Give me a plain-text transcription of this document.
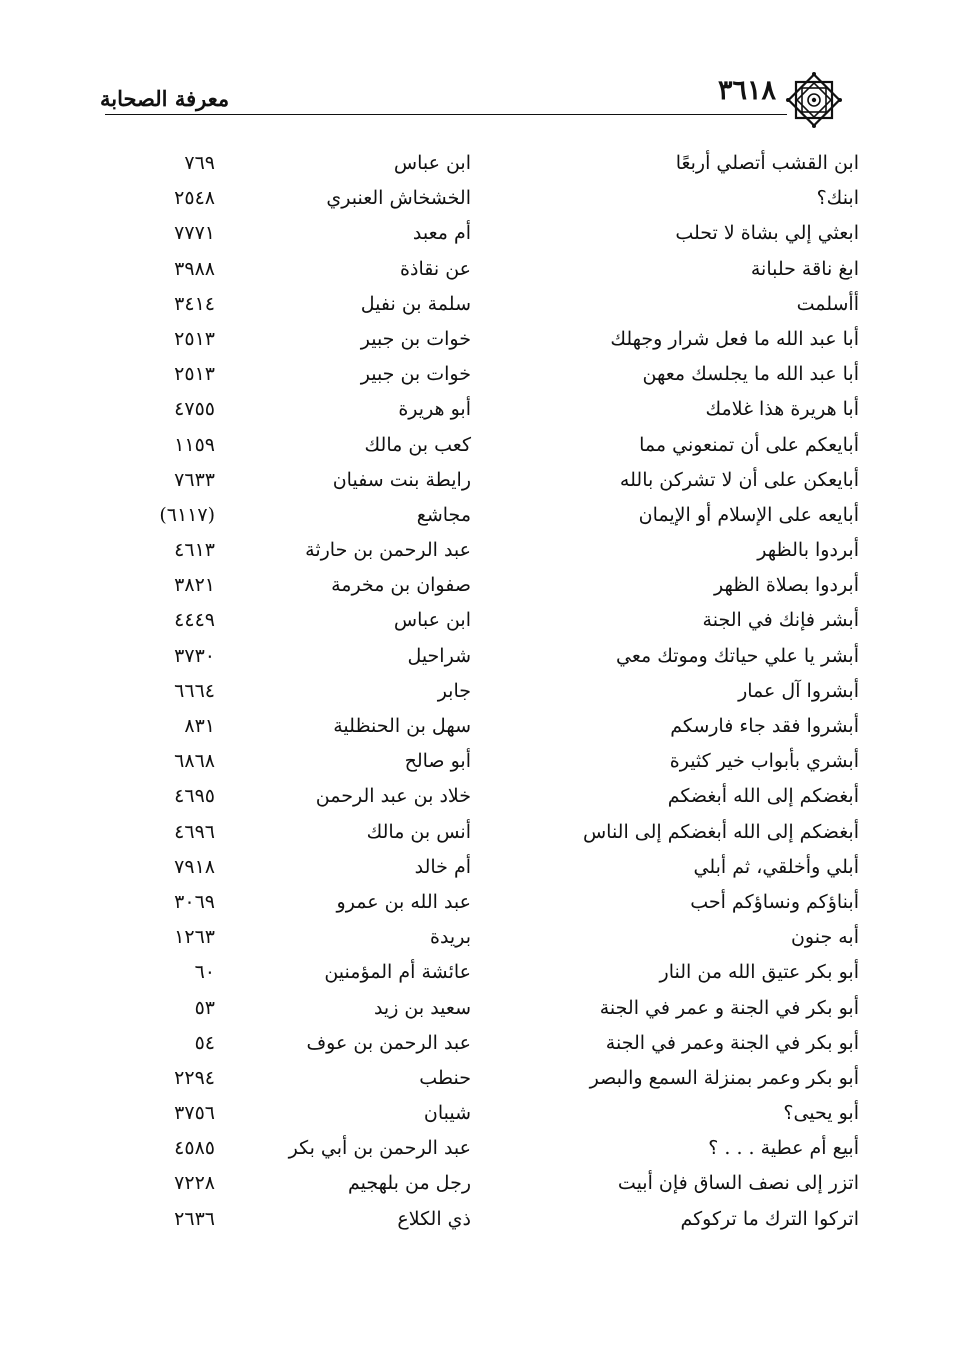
٣٦١٨
معرفة الصحابة
ابن القشب أتصلي أربعًا
ابن عباس
٧٦٩
ابنك؟
الخشخاش العنبري
٢٥٤٨
ابعثي إلي بشاة لا تحلب
أم معبد
٧٧٧١
ابغ ناقة حلبانة
عن نقاذة
٣٩٨٨
أأسلمت
سلمة بن نفيل
٣٤١٤
أبا عبد الله ما فعل شرار وجهلك
خوات بن جبير
٢٥١٣
أبا عبد الله ما يجلسك معهن
خوات بن جبير
٢٥١٣
أبا هريرة هذا غلامك
أبو هريرة
٤٧٥٥
أبايعكم على أن تمنعوني مما
كعب بن مالك
١١٥٩
أبايعكن على أن لا تشركن بالله
رايطة بنت سفيان
٧٦٣٣
أبايعه على الإسلام أو الإيمان
مجاشع
(٦١١٧)
أبردوا بالظهر
عبد الرحمن بن حارثة
٤٦١٣
أبردوا بصلاة الظهر
صفوان بن مخرمة
٣٨٢١
أبشر فإنك في الجنة
ابن عباس
٤٤٤٩
أبشر يا علي حياتك وموتك معي
شراحيل
٣٧٣٠
أبشروا آل عمار
جابر
٦٦٦٤
أبشروا فقد جاء فارسكم
سهل بن الحنظلية
٨٣١
أبشري بأبواب خير كثيرة
أبو صالح
٦٨٦٨
أبغضكم إلى الله أبغضكم
خلاد بن عبد الرحمن
٤٦٩٥
أبغضكم إلى الله أبغضكم إلى الناس
أنس بن مالك
٤٦٩٦
أبلي وأخلقي، ثم أبلي
أم خالد
٧٩١٨
أبناؤكم ونساؤكم أحب
عبد الله بن عمرو
٣٠٦٩
أبه جنون
بريدة
١٢٦٣
أبو بكر عتيق الله من النار
عائشة أم المؤمنين
٦٠
أبو بكر في الجنة و عمر في الجنة
سعيد بن زيد
٥٣
أبو بكر في الجنة وعمر في الجنة
عبد الرحمن بن عوف
٥٤
أبو بكر وعمر بمنزلة السمع والبصر
حنطب
٢٢٩٤
أبو يحيى؟
شيبان
٣٧٥٦
أبيع أم عطية . . . ؟
عبد الرحمن بن أبي بكر
٤٥٨٥
اتزر إلى نصف الساق فإن أبيت
رجل من بلهجيم
٧٢٢٨
اتركوا الترك ما تركوكم
ذي الكلاع
٢٦٣٦
